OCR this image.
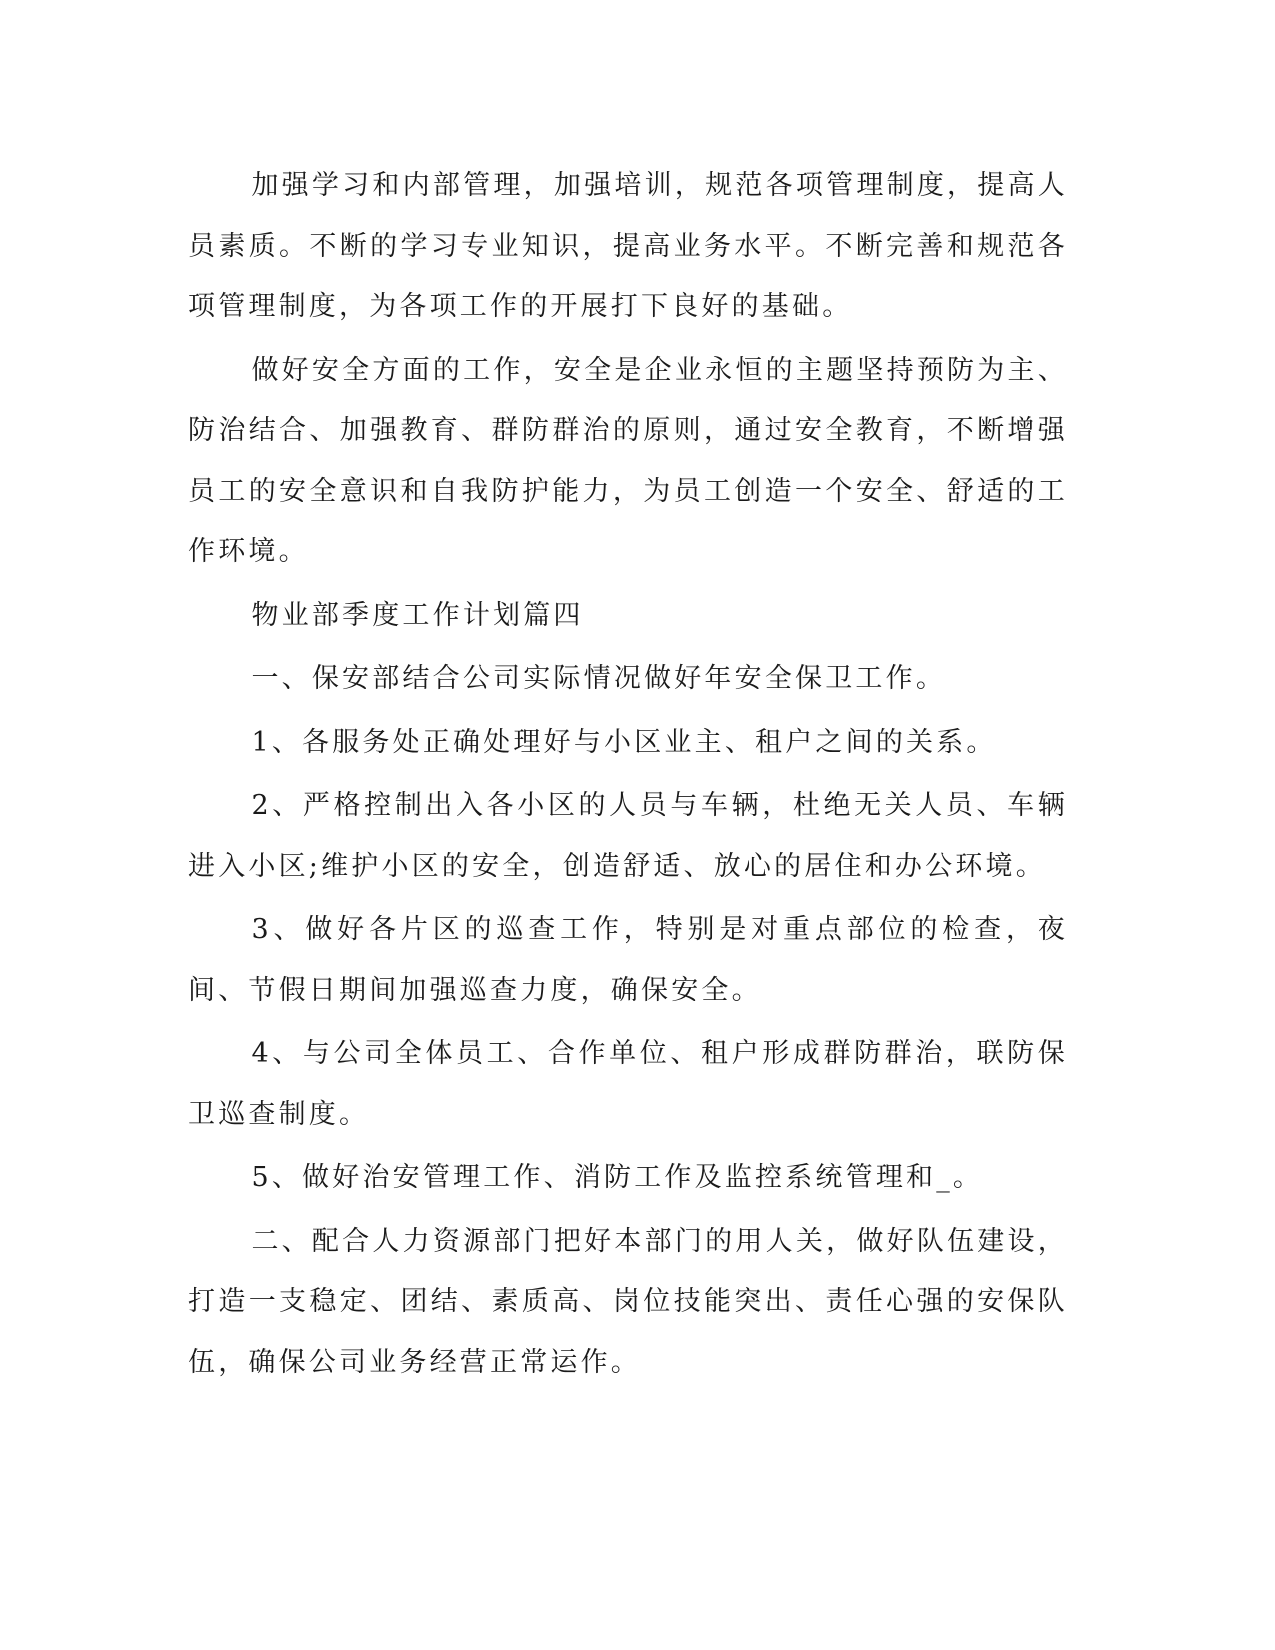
加强学习和内部管理，加强培训，规范各项管理制度，提高人员素质。不断的学习专业知识，提高业务水平。不断完善和规范各项管理制度，为各项工作的开展打下良好的基础。

做好安全方面的工作，安全是企业永恒的主题坚持预防为主、防治结合、加强教育、群防群治的原则，通过安全教育，不断增强员工的安全意识和自我防护能力，为员工创造一个安全、舒适的工作环境。

物业部季度工作计划篇四

一、保安部结合公司实际情况做好年安全保卫工作。

1、各服务处正确处理好与小区业主、租户之间的关系。

2、严格控制出入各小区的人员与车辆，杜绝无关人员、车辆进入小区;维护小区的安全，创造舒适、放心的居住和办公环境。

3、做好各片区的巡查工作，特别是对重点部位的检查，夜间、节假日期间加强巡查力度，确保安全。

4、与公司全体员工、合作单位、租户形成群防群治，联防保卫巡查制度。

5、做好治安管理工作、消防工作及监控系统管理和_。

二、配合人力资源部门把好本部门的用人关，做好队伍建设，打造一支稳定、团结、素质高、岗位技能突出、责任心强的安保队伍，确保公司业务经营正常运作。
